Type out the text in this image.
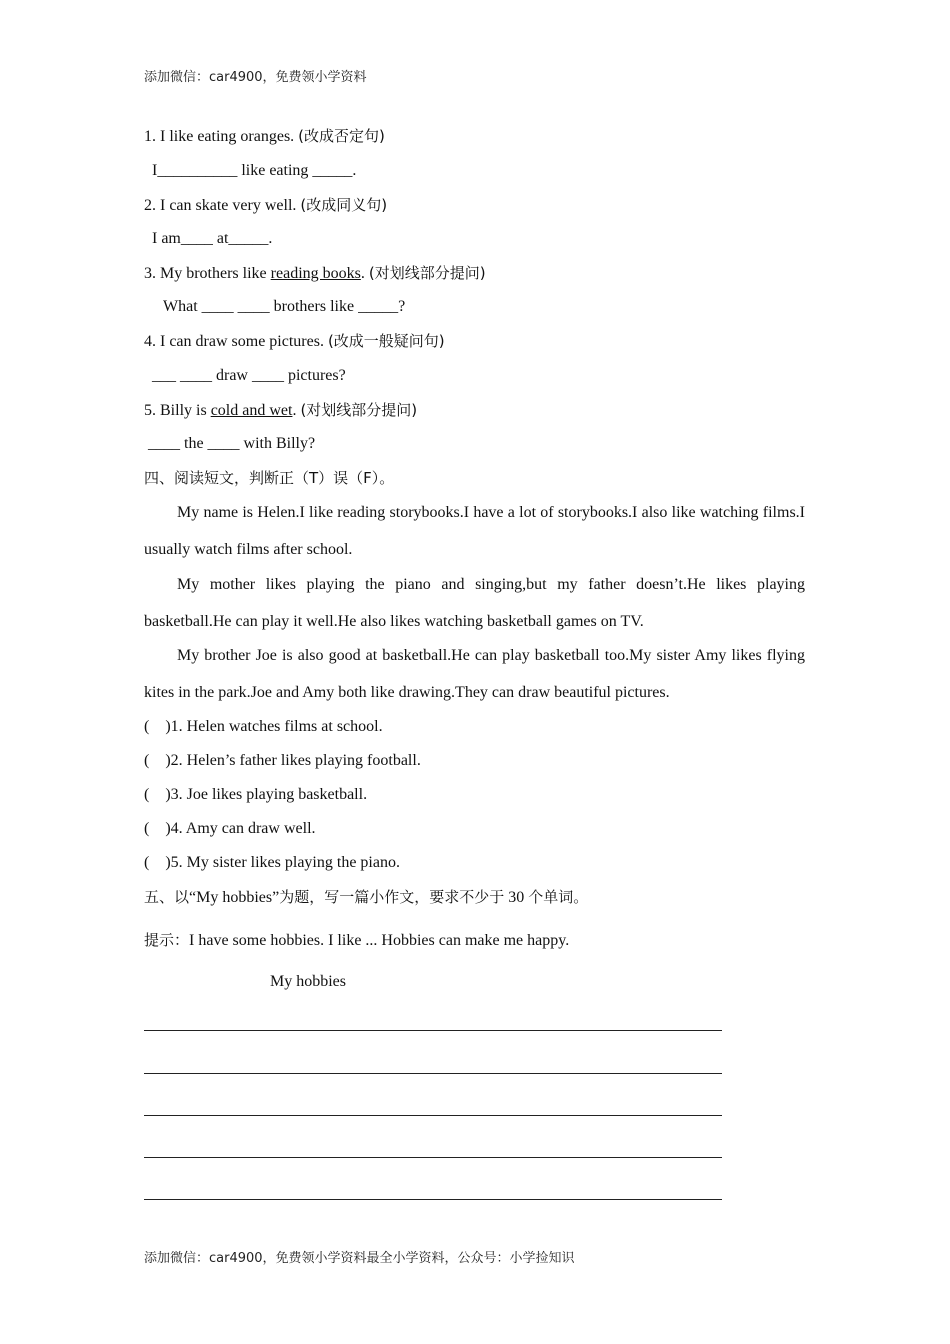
添加微信：car4900，免费领小学资料
1. I like eating oranges. (改成否定句)
I__________ like eating _____.
2. I can skate very well. (改成同义句)
I am____ at_____.
3. My brothers like reading books. (对划线部分提问)
What ____ ____ brothers like _____?
4. I can draw some pictures. (改成一般疑问句)
___ ____ draw ____ pictures?
5. Billy is cold and wet. (对划线部分提问)
____ the ____ with Billy?
四、阅读短文，判断正（T）误（F）。
My name is Helen.I like reading storybooks.I have a lot of storybooks.I also like watching films.I usually watch films after school.
My mother likes playing the piano and singing,but my father doesn’t.He likes playing basketball.He can play it well.He also likes watching basketball games on TV.
My brother Joe is also good at basketball.He can play basketball too.My sister Amy likes flying kites in the park.Joe and Amy both like drawing.They can draw beautiful pictures.
(    )1. Helen watches films at school.
(    )2. Helen’s father likes playing football.
(    )3. Joe likes playing basketball.
(    )4. Amy can draw well.
(    )5. My sister likes playing the piano.
五、以“My hobbies”为题，写一篇小作文，要求不少于 30 个单词。
提示：I have some hobbies. I like ... Hobbies can make me happy.
My hobbies
添加微信：car4900，免费领小学资料最全小学资料，公众号：小学捡知识
